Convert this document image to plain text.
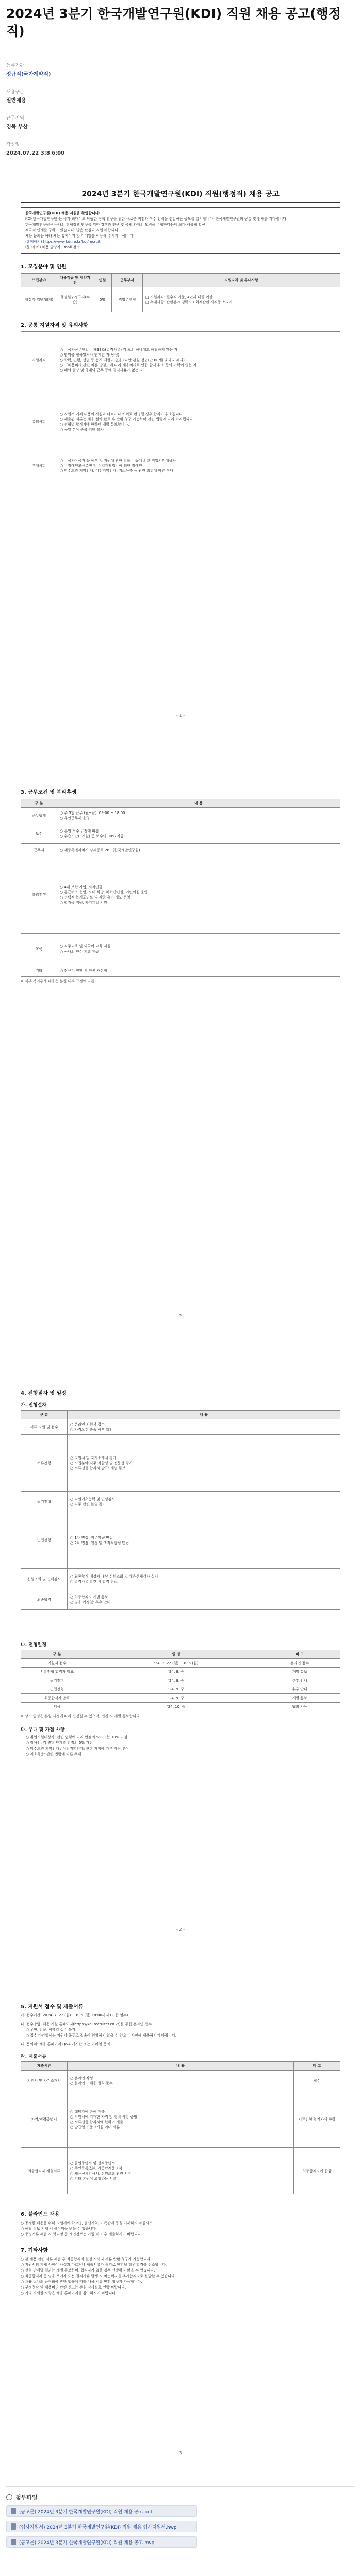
2024년 3분기 한국개발연구원(KDI) 직원 채용 공고(행정직)
등록기관
정규직(국가계약직)
채용구분
일반채용
근무지역
경북 부산
작성일
2024.07.22 3:8 6:00
2024년 3분기 한국개발연구원(KDI) 직원(행정직) 채용 공고
한국개발연구원(KDI) 채용 지원을 환영합니다!
KDI(한국개발연구원)는 국가 최대이고 탁월한 정책 연구를 위한 새로운 비전과 우수 인력을 선발하는 공모를 실시합니다. 한국개발연구원의 공통 및 인재를 기다립니다.
한국개발연구원은 국내외 경제정책 연구를 위한 경쟁과 연구 및 국제 과제의 모범을 수행한다는데 보다 새롭게 확산
적극적 인재를 구하고 있습니다. 많은 관심과 지원 바랍니다.
채용 문의는 아래 채용 홈페이지 및 이메일을 이용해 주시기 바랍니다.
(홈페이지) https://www.kdi.re.kr/kdi/recruit
(문 의 처) 채용 담당자 Email 참조
1. 모집분야 및 인원
모집분야	채용직급 및 계약기간	인원	근무부서	지원자격 및 우대사항
행정직(일반/회계)	행정원 / 정규직(수습)	0명	경영 / 행정	□ 지원자격: 필수직 기준, 4년제 대졸 이상
□ 우대사항: 관련분야 경력자 / 회계관련 자격증 소지자
2. 공통 지원자격 및 유의사항
지원자격	○ 「국가공무원법」 제33조(결격사유) 각 호의 하나에도 해당하지 않는 자
○ 병역을 필하였거나 면제된 자(남성)
○ 학력, 연령, 성별 등 응시 제한이 없음 (다만 본원 정년(만 60세) 초과자 제외)
○ 「채용비리 관련 처분 방침」에 따라 채용비리로 인한 합격 취소 등의 이력이 없는 자
○ 해외 출장 및 국내외 근무 등에 결격사유가 없는 자

유의사항	○ 지원서 기재 내용이 사실과 다르거나 허위로 판명될 경우 합격이 취소됩니다.
○ 제출된 서류는 채용 절차 완료 후 반환 청구 가능하며 관련 법령에 따라 처리됩니다.
○ 전형별 합격자에 한하여 개별 통보합니다.
○ 동일 분야 중복 지원 불가

우대사항	○ 「국가유공자 등 예우 및 지원에 관한 법률」 등에 의한 취업지원대상자
○ 「장애인고용촉진 및 직업재활법」에 의한 장애인
○ 비수도권 지역인재, 이전지역인재, 저소득층 등 관련 법령에 따른 우대
- 1 -
3. 근무조건 및 복리후생
구 분	내 용
근무형태	○ 주 5일 근무 (월~금), 09:00 ~ 18:00
○ 유연근무제 운영

보수	○ 본원 보수 규정에 따름
○ 수습기간(3개월) 중 보수의 90% 지급

근무지	○ 세종특별자치시 남세종로 263 (한국개발연구원)
복리후생	○ 4대 보험 가입, 퇴직연금
○ 통근버스 운영, 사내 식당, 체력단련실, 어린이집 운영
○ 선택적 복지포인트 및 각종 휴가 제도 운영
○ 학자금 지원, 자기계발 지원

교육	○ 직무교육 및 외국어 교육 지원
○ 국내외 연수 기회 제공

기타	○ 정규직 전환 시 연봉 재산정
※ 세부 복리후생 내용은 본원 내부 규정에 따름
- 2 -
4. 전형절차 및 일정
가. 전형절차
구 분	내 용
서류 지원 및 접수	○ 온라인 지원서 접수
○ 자격요건 충족 여부 확인

서류전형	○ 지원서 및 자기소개서 평가
○ 모집분야 직무 적합성 및 전문성 평가
○ 서류전형 합격자 발표: 개별 통보

필기전형	○ 직업기초능력 및 인성검사
○ 직무 관련 논술 평가

면접전형	○ 1차 면접: 직무역량 면접
○ 2차 면접: 인성 및 조직적합성 면접

신원조회 및 신체검사	○ 최종합격 예정자 대상 신원조회 및 채용신체검사 실시
○ 결격사유 발견 시 합격 취소

최종합격	○ 최종합격자 개별 통보
○ 임용 예정일: 추후 안내
나. 전형일정
구 분	일 정	비 고
지원서 접수	'24. 7. 22.(월) ~ 8. 5.(월)	온라인 접수
서류전형 합격자 발표	'24. 8. 중	개별 통보
필기전형	'24. 8. 중	추후 안내
면접전형	'24. 9. 중	추후 안내
최종합격자 발표	'24. 9. 중	개별 통보
임용	'24. 10. 중	협의 가능
※ 상기 일정은 본원 사정에 따라 변경될 수 있으며, 변경 시 개별 통보합니다.
다. 우대 및 가점 사항
○ 취업지원대상자: 관련 법령에 따라 만점의 5% 또는 10% 가점
○ 장애인: 각 전형 단계별 만점의 5% 가점
○ 비수도권 지역인재 / 이전지역인재: 관련 지침에 따른 가점 부여
○ 저소득층: 관련 법령에 따른 우대
- 2 -
5. 지원서 접수 및 제출서류
가. 접수기간: 2024. 7. 22.(월) ~ 8. 5.(월) 18:00까지 (기한 엄수)
나. 접수방법: 채용 지원 홈페이지(https://kdi.recruiter.co.kr)를 통한 온라인 접수
○ 우편, 방문, 이메일 접수 불가
○ 접수 마감일에는 지원자 폭주로 접속이 원활하지 않을 수 있으니 사전에 제출하시기 바랍니다.
다. 문의처: 채용 홈페이지 Q&A 게시판 또는 이메일 문의
라. 제출서류
제출서류	내 용	비 고
지원서 및 자기소개서	○ 온라인 작성
○ 블라인드 채용 원칙 준수	필수
자격/경력증명서	○ 해당자에 한해 제출
○ 지원서에 기재한 자격 및 경력 사항 증빙
○ 서류전형 합격자에 한하여 제출
○ 발급일 기준 3개월 이내 서류	서류전형 합격자에 한함
최종합격자 제출서류	○ 졸업증명서 및 성적증명서
○ 주민등록초본, 가족관계증명서
○ 채용신체검사서, 신원조회 관련 서류
○ 기타 본원이 요청하는 서류	최종합격자에 한함
6. 블라인드 채용
○ 공정한 채용을 위해 지원서에 학교명, 출신지역, 가족관계 등을 기재하지 마십시오.
○ 해당 정보 기재 시 불이익을 받을 수 있습니다.
○ 증빙서류 제출 시 학교명 등 개인정보는 가림 처리 후 제출하시기 바랍니다.
7. 기타사항
○ 본 채용 관련 서류 제출 후 최종합격자 결정 시까지 서류 반환 청구가 가능합니다.
○ 지원서의 기재 사항이 사실과 다르거나 제출서류가 허위로 판명될 경우 합격을 취소합니다.
○ 전형 단계별 결과는 개별 통보하며, 합격자가 없을 경우 선발하지 않을 수 있습니다.
○ 최종합격자 중 임용 포기자 또는 결격사유 발생 시 차순위자를 추가합격자로 선발할 수 있습니다.
○ 채용 절차의 공정화에 관한 법률에 따라 채용 서류 반환 청구가 가능합니다.
○ 부정청탁 및 채용비리 관련 신고는 본원 감사실로 연락 바랍니다.
○ 기타 자세한 사항은 채용 홈페이지를 참고하시기 바랍니다.
- 3 -
첨부파일
(공고문) 2024년 3분기 한국개발연구원(KDI) 직원 채용 공고.pdf
(입사지원서) 2024년 3분기 한국개발연구원(KDI) 직원 채용 입사지원서.hwp
(공고문) 2024년 3분기 한국개발연구원(KDI) 직원 채용 공고.hwp
